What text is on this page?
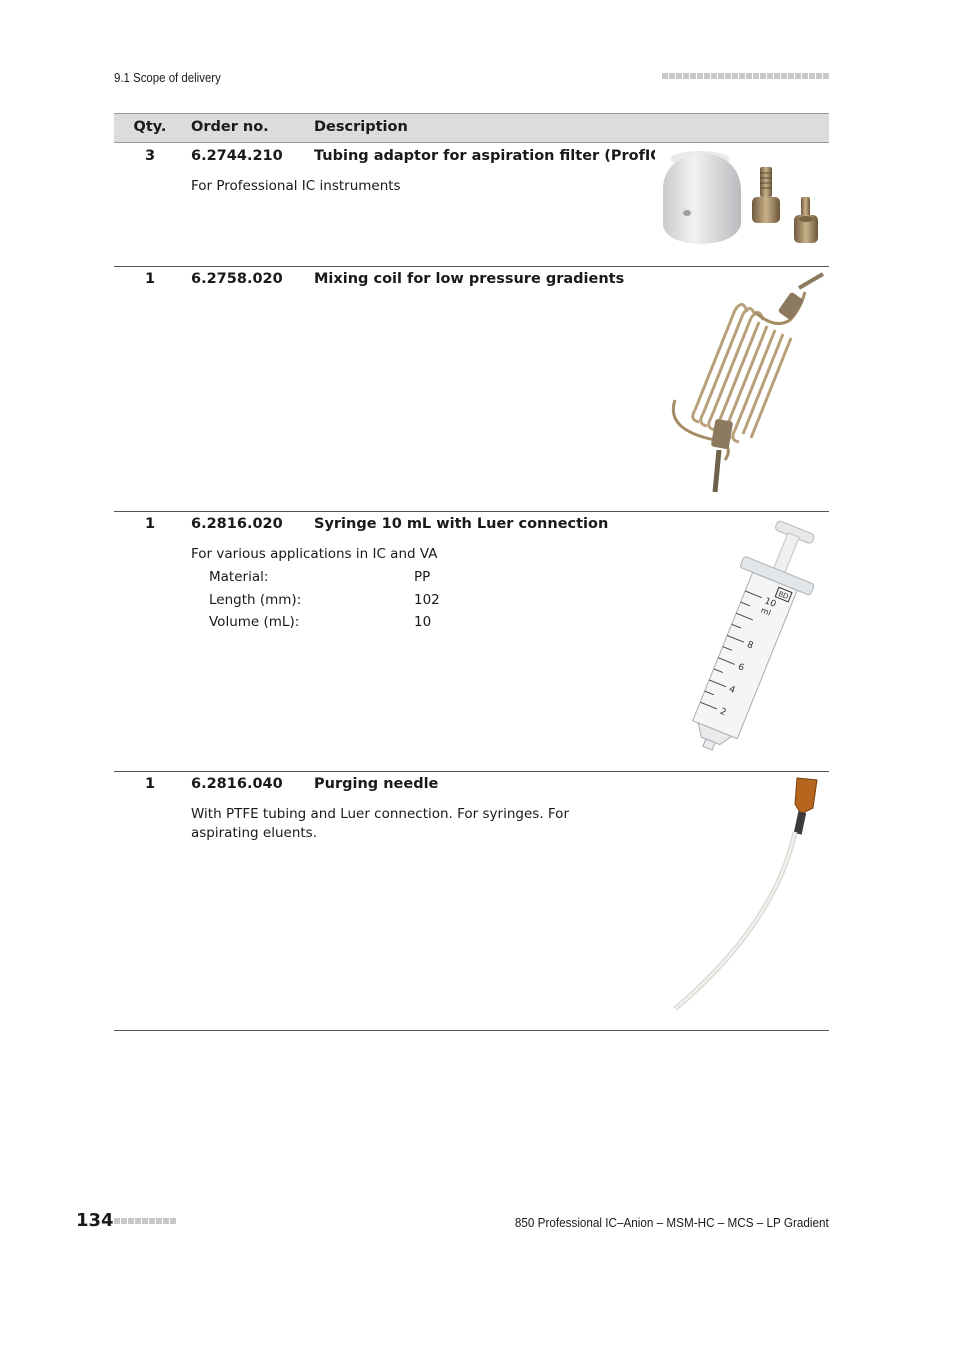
9.1 Scope of delivery
Qty.	Order no.	Description
3	6.2744.210 Tubing adaptor for aspiration filter (ProfIC)
For Professional IC instruments
1	6.2758.020 Mixing coil for low pressure gradients
1	6.2816.020 Syringe 10 mL with Luer connection
For various applications in IC and VA
Material:	PP
Length (mm):	102
Volume (mL):	10
10
ml
8
6
4
2
BD
1	6.2816.040 Purging needle
With PTFE tubing and Luer connection. For syringes. For aspirating eluents.
134	850 Professional IC–Anion – MSM-HC – MCS – LP Gradient
